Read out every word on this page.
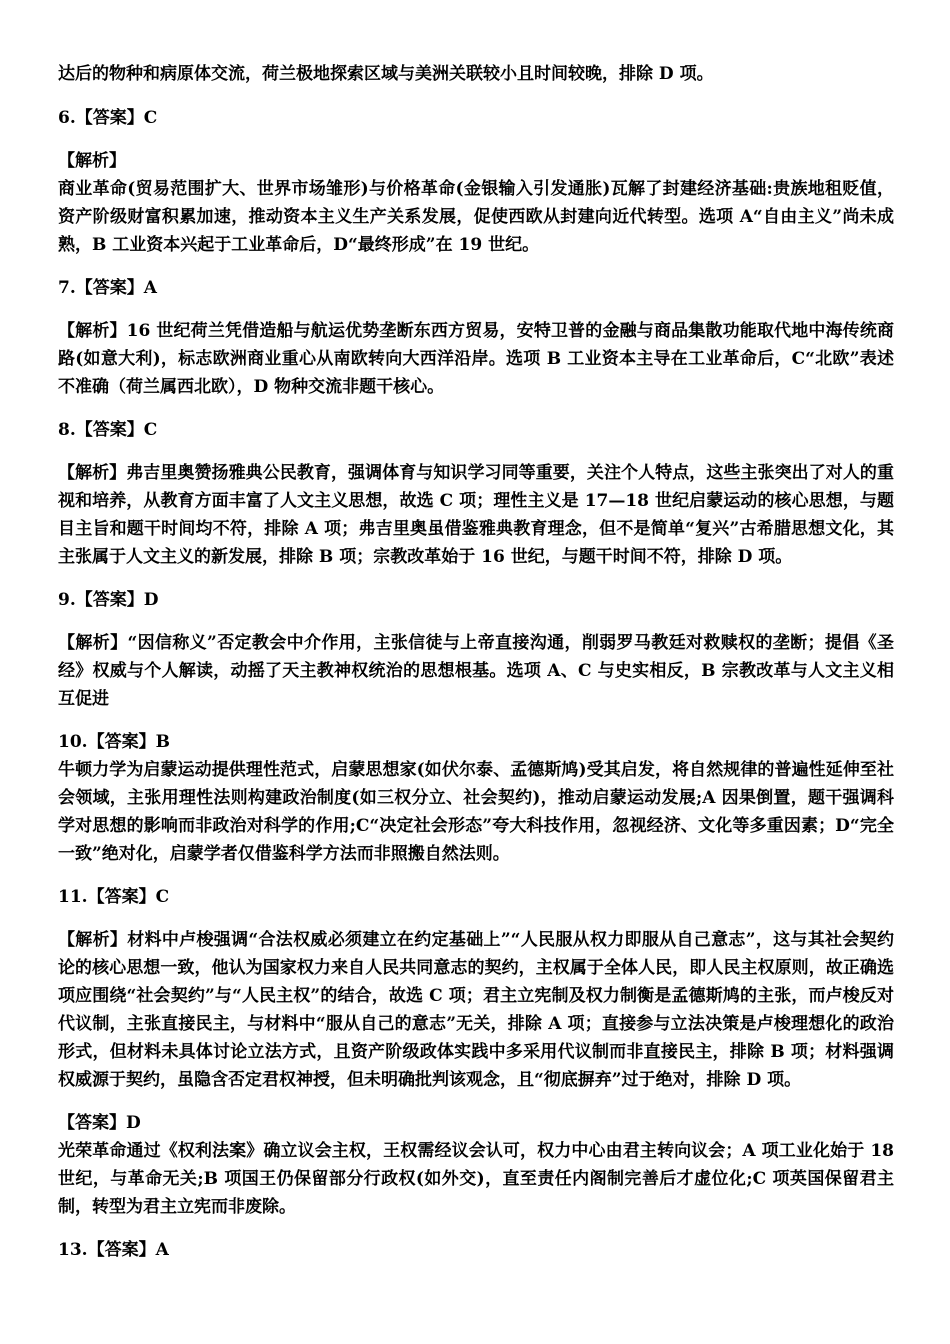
达后的物种和病原体交流，荷兰极地探索区域与美洲关联较小且时间较晚，排除 D 项。

6.【答案】C

【解析】

商业革命(贸易范围扩大、世界市场雏形)与价格革命(金银输入引发通胀)瓦解了封建经济基础:贵族地租贬值，资产阶级财富积累加速，推动资本主义生产关系发展，促使西欧从封建向近代转型。选项 A“自由主义”尚未成熟，B 工业资本兴起于工业革命后，D“最终形成”在 19 世纪。

7.【答案】A

【解析】16 世纪荷兰凭借造船与航运优势垄断东西方贸易，安特卫普的金融与商品集散功能取代地中海传统商路(如意大利)，标志欧洲商业重心从南欧转向大西洋沿岸。选项 B 工业资本主导在工业革命后，C“北欧”表述不准确（荷兰属西北欧），D 物种交流非题干核心。

8.【答案】C

【解析】弗吉里奥赞扬雅典公民教育，强调体育与知识学习同等重要，关注个人特点，这些主张突出了对人的重视和培养，从教育方面丰富了人文主义思想，故选 C 项；理性主义是 17—18 世纪启蒙运动的核心思想，与题目主旨和题干时间均不符，排除 A 项；弗吉里奥虽借鉴雅典教育理念，但不是简单“复兴”古希腊思想文化，其主张属于人文主义的新发展，排除 B 项；宗教改革始于 16 世纪，与题干时间不符，排除 D 项。

9.【答案】D

【解析】“因信称义”否定教会中介作用，主张信徒与上帝直接沟通，削弱罗马教廷对救赎权的垄断；提倡《圣经》权威与个人解读，动摇了天主教神权统治的思想根基。选项 A、C 与史实相反，B 宗教改革与人文主义相互促进

10.【答案】B

牛顿力学为启蒙运动提供理性范式，启蒙思想家(如伏尔泰、孟德斯鸠)受其启发，将自然规律的普遍性延伸至社会领域，主张用理性法则构建政治制度(如三权分立、社会契约)，推动启蒙运动发展;A 因果倒置，题干强调科学对思想的影响而非政治对科学的作用;C“决定社会形态”夸大科技作用，忽视经济、文化等多重因素；D“完全一致”绝对化，启蒙学者仅借鉴科学方法而非照搬自然法则。

11.【答案】C

【解析】材料中卢梭强调“合法权威必须建立在约定基础上”“人民服从权力即服从自己意志”，这与其社会契约论的核心思想一致，他认为国家权力来自人民共同意志的契约，主权属于全体人民，即人民主权原则，故正确选项应围绕“社会契约”与“人民主权”的结合，故选 C 项；君主立宪制及权力制衡是孟德斯鸠的主张，而卢梭反对代议制，主张直接民主，与材料中“服从自己的意志”无关，排除 A 项；直接参与立法决策是卢梭理想化的政治形式，但材料未具体讨论立法方式，且资产阶级政体实践中多采用代议制而非直接民主，排除 B 项；材料强调权威源于契约，虽隐含否定君权神授，但未明确批判该观念，且“彻底摒弃”过于绝对，排除 D 项。

【答案】D

光荣革命通过《权利法案》确立议会主权，王权需经议会认可，权力中心由君主转向议会；A 项工业化始于 18 世纪，与革命无关;B 项国王仍保留部分行政权(如外交)，直至责任内阁制完善后才虚位化;C 项英国保留君主制，转型为君主立宪而非废除。

13.【答案】A
